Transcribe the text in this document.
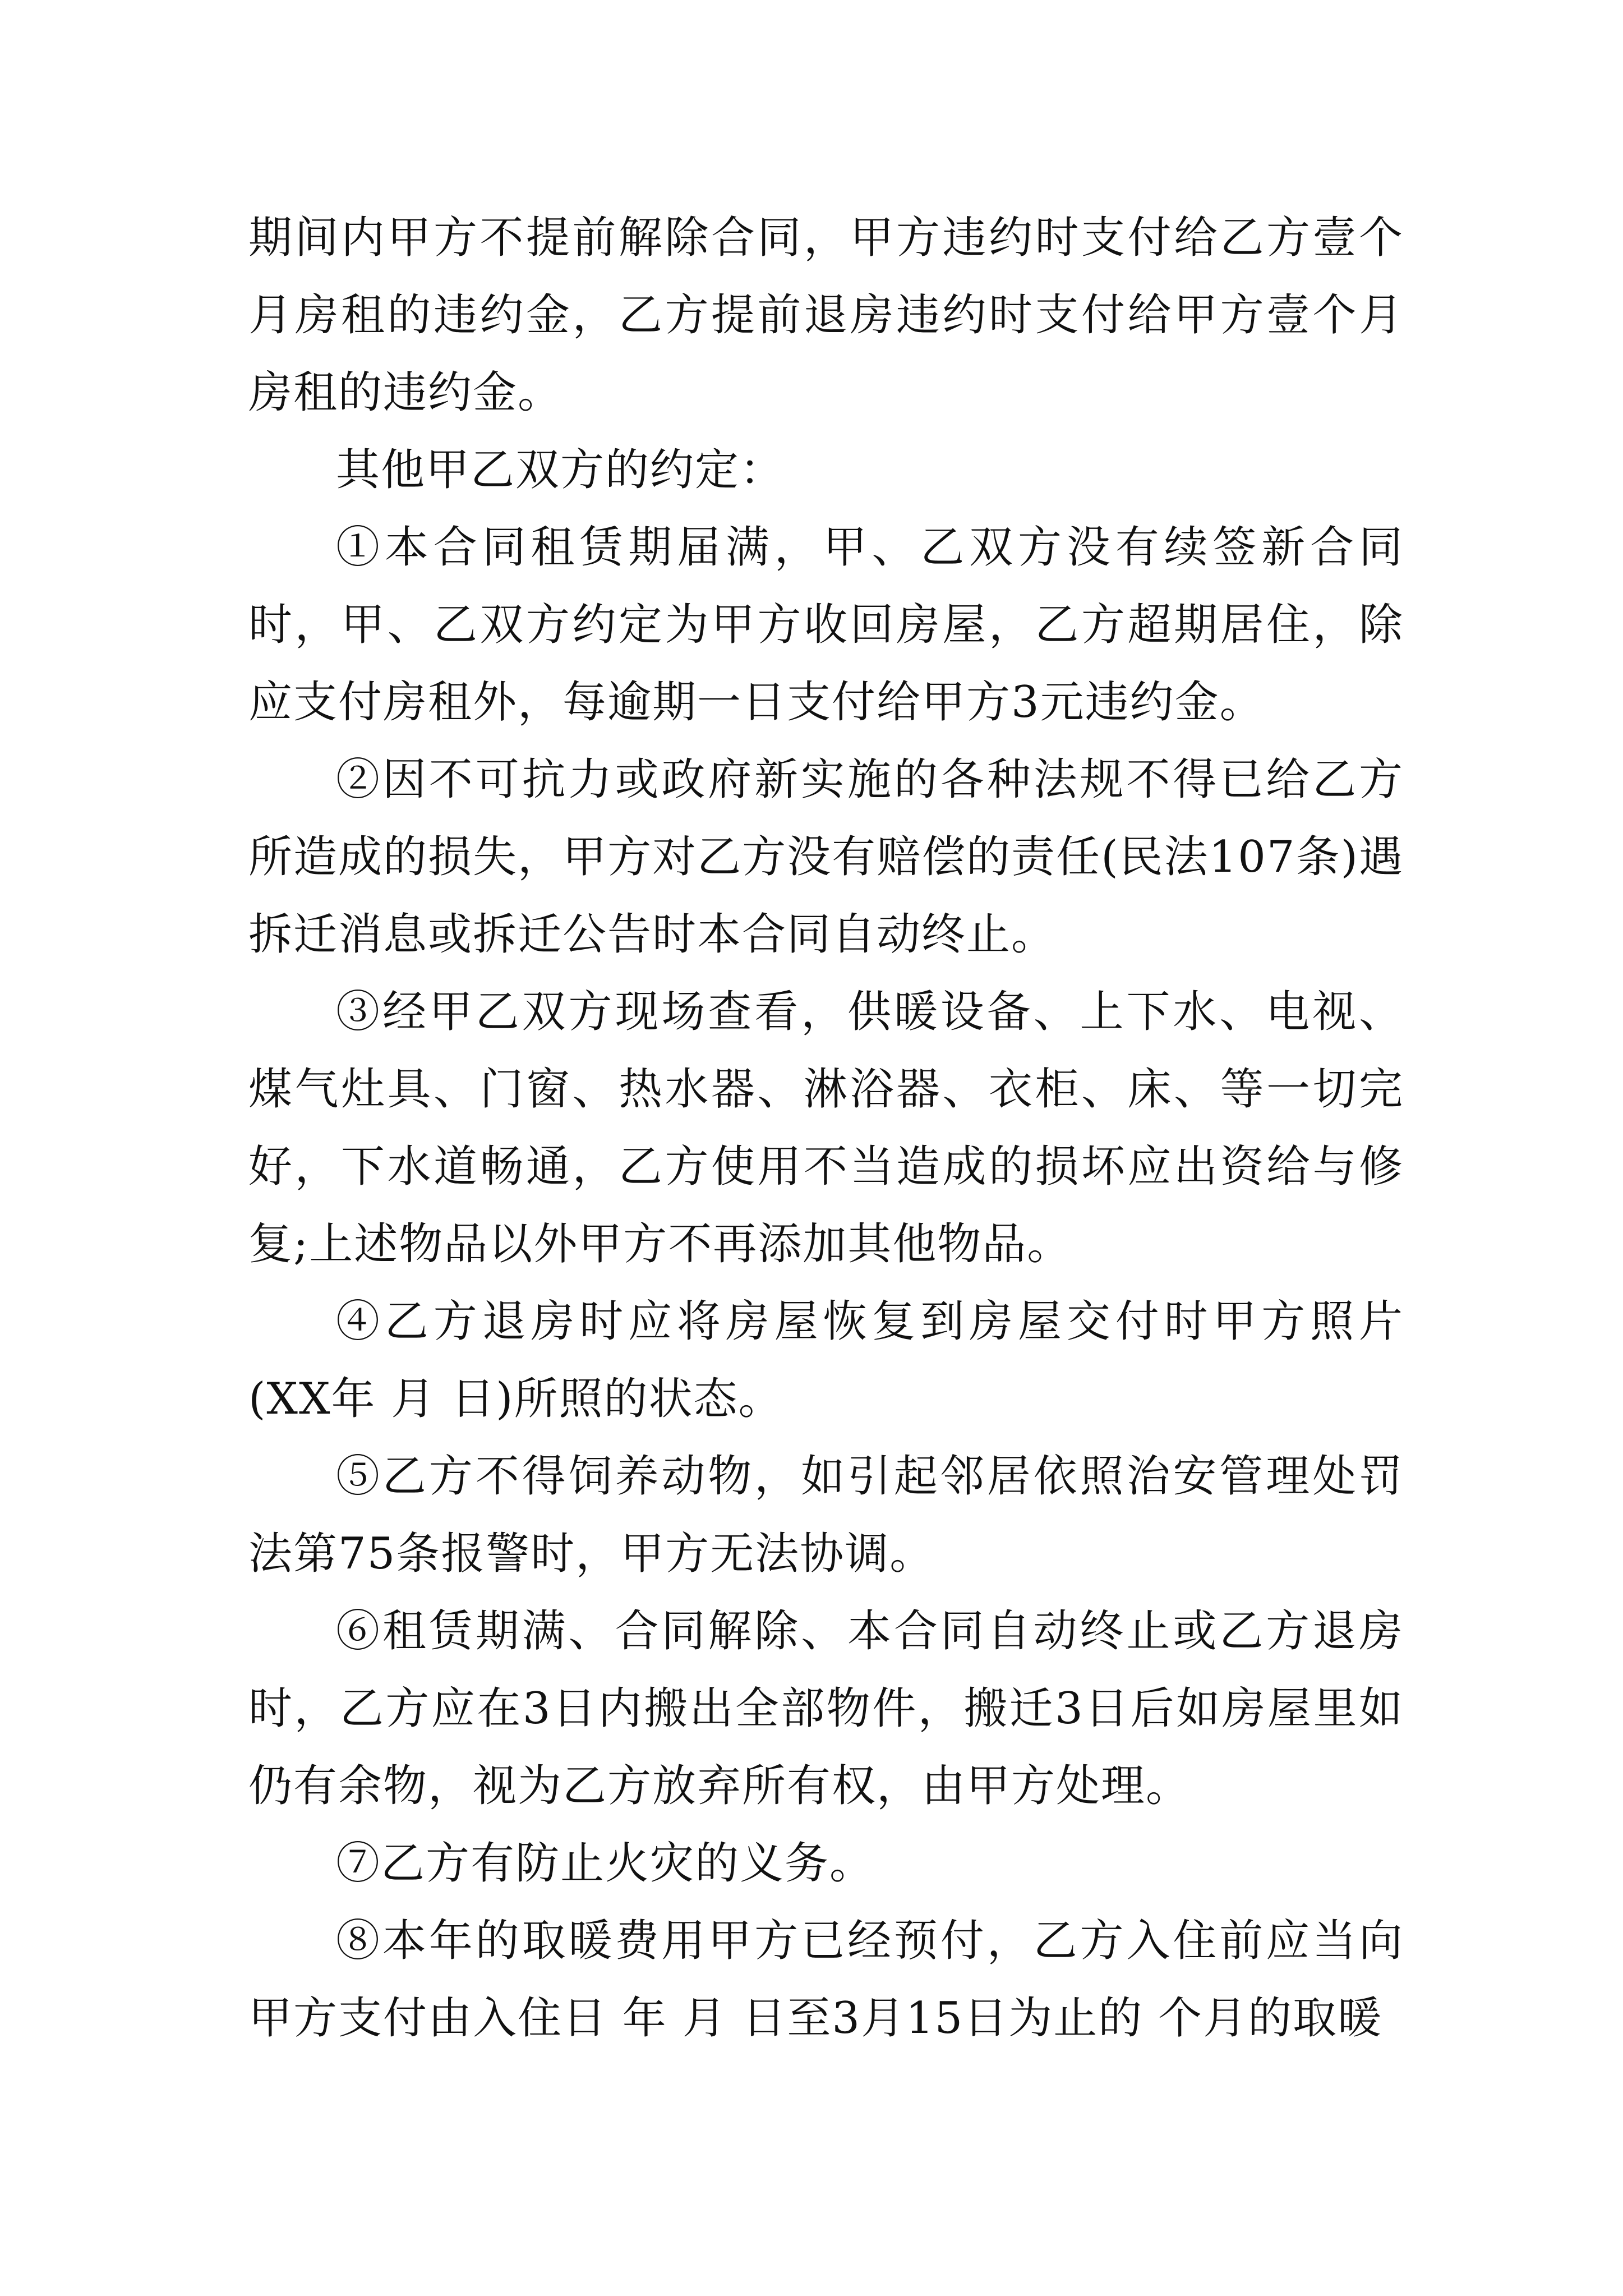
期间内甲方不提前解除合同，甲方违约时支付给乙方壹个月房租的违约金，乙方提前退房违约时支付给甲方壹个月房租的违约金。

其他甲乙双方的约定：

①本合同租赁期届满，甲、乙双方没有续签新合同时，甲、乙双方约定为甲方收回房屋，乙方超期居住，除应支付房租外，每逾期一日支付给甲方3元违约金。

②因不可抗力或政府新实施的各种法规不得已给乙方所造成的损失，甲方对乙方没有赔偿的责任(民法107条)遇拆迁消息或拆迁公告时本合同自动终止。

③经甲乙双方现场查看，供暖设备、上下水、电视、煤气灶具、门窗、热水器、淋浴器、衣柜、床、等一切完好，下水道畅通，乙方使用不当造成的损坏应出资给与修复;上述物品以外甲方不再添加其他物品。

④乙方退房时应将房屋恢复到房屋交付时甲方照片(XX年 月 日)所照的状态。

⑤乙方不得饲养动物，如引起邻居依照治安管理处罚法第75条报警时，甲方无法协调。

⑥租赁期满、合同解除、本合同自动终止或乙方退房时，乙方应在3日内搬出全部物件，搬迁3日后如房屋里如仍有余物，视为乙方放弃所有权，由甲方处理。

⑦乙方有防止火灾的义务。

⑧本年的取暖费用甲方已经预付，乙方入住前应当向甲方支付由入住日 年 月 日至3月15日为止的 个月的取暖
